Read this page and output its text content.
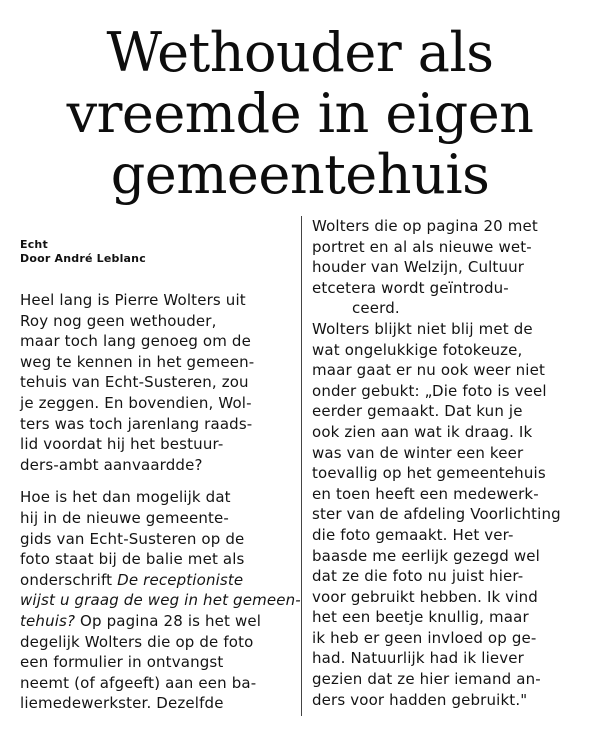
Wethouder als
vreemde in eigen
gemeentehuis
Echt
Door André Leblanc
Heel lang is Pierre Wolters uit
Roy nog geen wethouder,
maar toch lang genoeg om de
weg te kennen in het gemeen-
tehuis van Echt-Susteren, zou
je zeggen. En bovendien, Wol-
ters was toch jarenlang raads-
lid voordat hij het bestuur-
ders-ambt aanvaardde?
Hoe is het dan mogelijk dat
hij in de nieuwe gemeente-
gids van Echt-Susteren op de
foto staat bij de balie met als
onderschrift De receptioniste
wijst u graag de weg in het gemeen-
tehuis? Op pagina 28 is het wel
degelijk Wolters die op de foto
een formulier in ontvangst
neemt (of afgeeft) aan een ba-
liemedewerkster. Dezelfde
Wolters die op pagina 20 met
portret en al als nieuwe wet-
houder van Welzijn, Cultuur
etcetera wordt geïntrodu-
ceerd.
Wolters blijkt niet blij met de
wat ongelukkige fotokeuze,
maar gaat er nu ook weer niet
onder gebukt: „Die foto is veel
eerder gemaakt. Dat kun je
ook zien aan wat ik draag. Ik
was van de winter een keer
toevallig op het gemeentehuis
en toen heeft een medewerk-
ster van de afdeling Voorlichting
die foto gemaakt. Het ver-
baasde me eerlijk gezegd wel
dat ze die foto nu juist hier-
voor gebruikt hebben. Ik vind
het een beetje knullig, maar
ik heb er geen invloed op ge-
had. Natuurlijk had ik liever
gezien dat ze hier iemand an-
ders voor hadden gebruikt."
